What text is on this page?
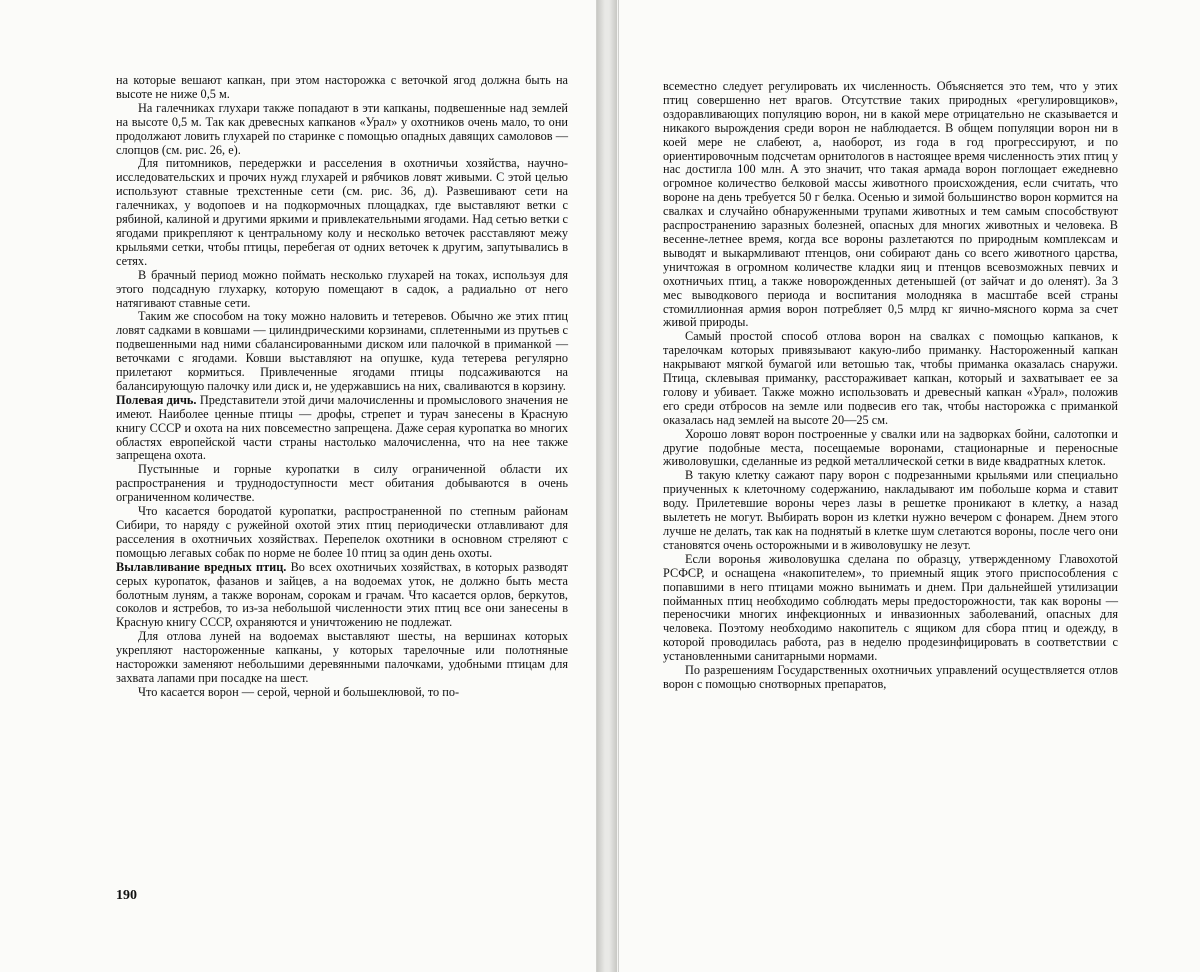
на которые вешают капкан, при этом насторожка с веточкой ягод должна быть на высоте не ниже 0,5 м.

На галечниках глухари также попадают в эти капканы, подвешенные над землей на высоте 0,5 м. Так как древесных капканов «Урал» у охотников очень мало, то они продолжают ловить глухарей по старинке с помощью опадных давящих самоловов — слопцов (см. рис. 26, е).

Для питомников, передержки и расселения в охотничьи хозяйства, научно-исследовательских и прочих нужд глухарей и рябчиков ловят живыми. С этой целью используют ставные трехстенные сети (см. рис. 36, д). Развешивают сети на галечниках, у водопоев и на подкормочных площадках, где выставляют ветки с рябиной, калиной и другими яркими и привлекательными ягодами. Над сетью ветки с ягодами прикрепляют к центральному колу и несколько веточек расставляют межу крыльями сетки, чтобы птицы, перебегая от одних веточек к другим, запутывались в сетях.

В брачный период можно поймать несколько глухарей на токах, используя для этого подсадную глухарку, которую помещают в садок, а радиально от него натягивают ставные сети.

Таким же способом на току можно наловить и тетеревов. Обычно же этих птиц ловят садками в ковшами — цилиндрическими корзинами, сплетенными из прутьев с подвешенными над ними сбалансированными диском или палочкой в приманкой — веточками с ягодами. Ковши выставляют на опушке, куда тетерева регулярно прилетают кормиться. Привлеченные ягодами птицы подсаживаются на балансирующую палочку или диск и, не удержавшись на них, сваливаются в корзину.

Полевая дичь. Представители этой дичи малочисленны и промыслового значения не имеют. Наиболее ценные птицы — дрофы, стрепет и турач занесены в Красную книгу СССР и охота на них повсеместно запрещена. Даже серая куропатка во многих областях европейской части страны настолько малочисленна, что на нее также запрещена охота.

Пустынные и горные куропатки в силу ограниченной области их распространения и труднодоступности мест обитания добываются в очень ограниченном количестве.

Что касается бородатой куропатки, распространенной по степным районам Сибири, то наряду с ружейной охотой этих птиц периодически отлавливают для расселения в охотничьих хозяйствах. Перепелок охотники в основном стреляют с помощью легавых собак по норме не более 10 птиц за один день охоты.

Вылавливание вредных птиц. Во всех охотничьих хозяйствах, в которых разводят серых куропаток, фазанов и зайцев, а на водоемах уток, не должно быть места болотным луням, а также воронам, сорокам и грачам. Что касается орлов, беркутов, соколов и ястребов, то из-за небольшой численности этих птиц все они занесены в Красную книгу СССР, охраняются и уничтожению не подлежат.

Для отлова луней на водоемах выставляют шесты, на вершинах которых укрепляют настороженные капканы, у которых тарелочные или полотняные насторожки заменяют небольшими деревянными палочками, удобными птицам для захвата лапами при посадке на шест.

Что касается ворон — серой, черной и большеклювой, то по-

190

всеместно следует регулировать их численность. Объясняется это тем, что у этих птиц совершенно нет врагов. Отсутствие таких природных «регулировщиков», оздоравливающих популяцию ворон, ни в какой мере отрицательно не сказывается и никакого вырождения среди ворон не наблюдается. В общем популяции ворон ни в коей мере не слабеют, а, наоборот, из года в год прогрессируют, и по ориентировочным подсчетам орнитологов в настоящее время численность этих птиц у нас достигла 100 млн. А это значит, что такая армада ворон поглощает ежедневно огромное количество белковой массы животного происхождения, если считать, что вороне на день требуется 50 г белка. Осенью и зимой большинство ворон кормится на свалках и случайно обнаруженными трупами животных и тем самым способствуют распространению заразных болезней, опасных для многих животных и человека. В весенне-летнее время, когда все вороны разлетаются по природным комплексам и выводят и выкармливают птенцов, они собирают дань со всего животного царства, уничтожая в огромном количестве кладки яиц и птенцов всевозможных певчих и охотничьих птиц, а также новорожденных детенышей (от зайчат и до оленят). За 3 мес выводкового периода и воспитания молодняка в масштабе всей страны стомиллионная армия ворон потребляет 0,5 млрд кг яично-мясного корма за счет живой природы.

Самый простой способ отлова ворон на свалках с помощью капканов, к тарелочкам которых привязывают какую-либо приманку. Настороженный капкан накрывают мягкой бумагой или ветошью так, чтобы приманка оказалась снаружи. Птица, склевывая приманку, расстораживает капкан, который и захватывает ее за голову и убивает. Также можно использовать и древесный капкан «Урал», положив его среди отбросов на земле или подвесив его так, чтобы насторожка с приманкой оказалась над землей на высоте 20—25 см.

Хорошо ловят ворон построенные у свалки или на задворках бойни, салотопки и другие подобные места, посещаемые воронами, стационарные и переносные живоловушки, сделанные из редкой металлической сетки в виде квадратных клеток.

В такую клетку сажают пару ворон с подрезанными крыльями или специально приученных к клеточному содержанию, накладывают им побольше корма и ставит воду. Прилетевшие вороны через лазы в решетке проникают в клетку, а назад вылететь не могут. Выбирать ворон из клетки нужно вечером с фонарем. Днем этого лучше не делать, так как на поднятый в клетке шум слетаются вороны, после чего они становятся очень осторожными и в живоловушку не лезут.

Если воронья живоловушка сделана по образцу, утвержденному Главохотой РСФСР, и оснащена «накопителем», то приемный ящик этого приспособления с попавшими в него птицами можно вынимать и днем. При дальнейшей утилизации пойманных птиц необходимо соблюдать меры предосторожности, так как вороны — переносчики многих инфекционных и инвазионных заболеваний, опасных для человека. Поэтому необходимо накопитель с ящиком для сбора птиц и одежду, в которой проводилась работа, раз в неделю продезинфицировать в соответствии с установленными санитарными нормами.

По разрешениям Государственных охотничьих управлений осуществляется отлов ворон с помощью снотворных препаратов,
